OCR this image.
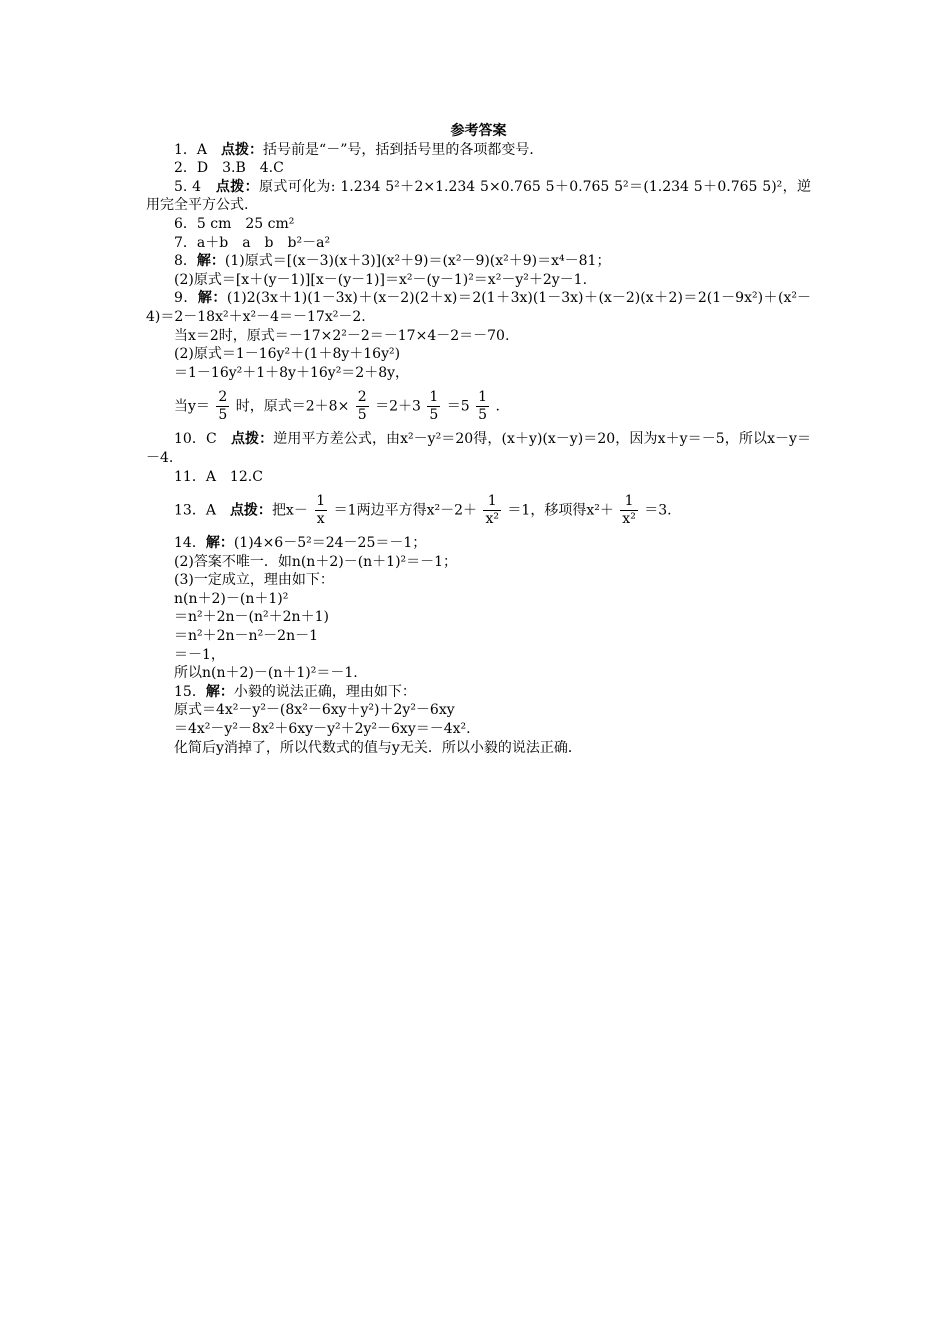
参考答案
1．A　点拨：括号前是“－”号，括到括号里的各项都变号．
2．D　3.B　4.C
5. 4　点拨：原式可化为: 1.234 5²＋2×1.234 5×0.765 5＋0.765 5²＝(1.234 5＋0.765 5)²，逆用完全平方公式.
6．5 cm　25 cm²
7．a＋b　a　b　b²－a²
8．解：(1)原式＝[(x－3)(x＋3)](x²＋9)＝(x²－9)(x²＋9)＝x⁴－81；
(2)原式＝[x＋(y－1)][x－(y－1)]＝x²－(y－1)²＝x²－y²＋2y－1.
9．解：(1)2(3x＋1)(1－3x)＋(x－2)(2＋x)＝2(1＋3x)(1－3x)＋(x－2)(x＋2)＝2(1－9x²)＋(x²－4)＝2－18x²＋x²－4＝－17x²－2.
当x＝2时，原式＝－17×2²－2＝－17×4－2＝－70.
(2)原式＝1－16y²＋(1＋8y＋16y²)
＝1－16y²＋1＋8y＋16y²＝2＋8y，
当$y= \frac{2}{5}$ 时，原式$=2+8\times \frac{2}{5} =2+3 \frac{1}{5} =5 \frac{1}{5}$ .
10．C　点拨：逆用平方差公式，由x²－y²＝20得，(x＋y)(x－y)＝20，因为x＋y＝－5，所以x－y＝－4.
11．A　12.C
13．A　点拨：把$x- \frac{1}{x} =1$两边平方得$x^2-2+ \frac{1}{\text{x²}} =1$，移项得$x^2+ \frac{1}{\text{x²}} =3$.
14．解：(1)4×6－5²＝24－25＝－1；
(2)答案不唯一．如n(n＋2)－(n＋1)²＝－1；
(3)一定成立，理由如下：
n(n＋2)－(n＋1)²
＝n²＋2n－(n²＋2n＋1)
＝n²＋2n－n²－2n－1
＝－1，
所以n(n＋2)－(n＋1)²＝－1.
15．解：小毅的说法正确，理由如下：
原式＝4x²－y²－(8x²－6xy＋y²)＋2y²－6xy
＝4x²－y²－8x²＋6xy－y²＋2y²－6xy＝－4x².
化简后y消掉了，所以代数式的值与y无关．所以小毅的说法正确．
